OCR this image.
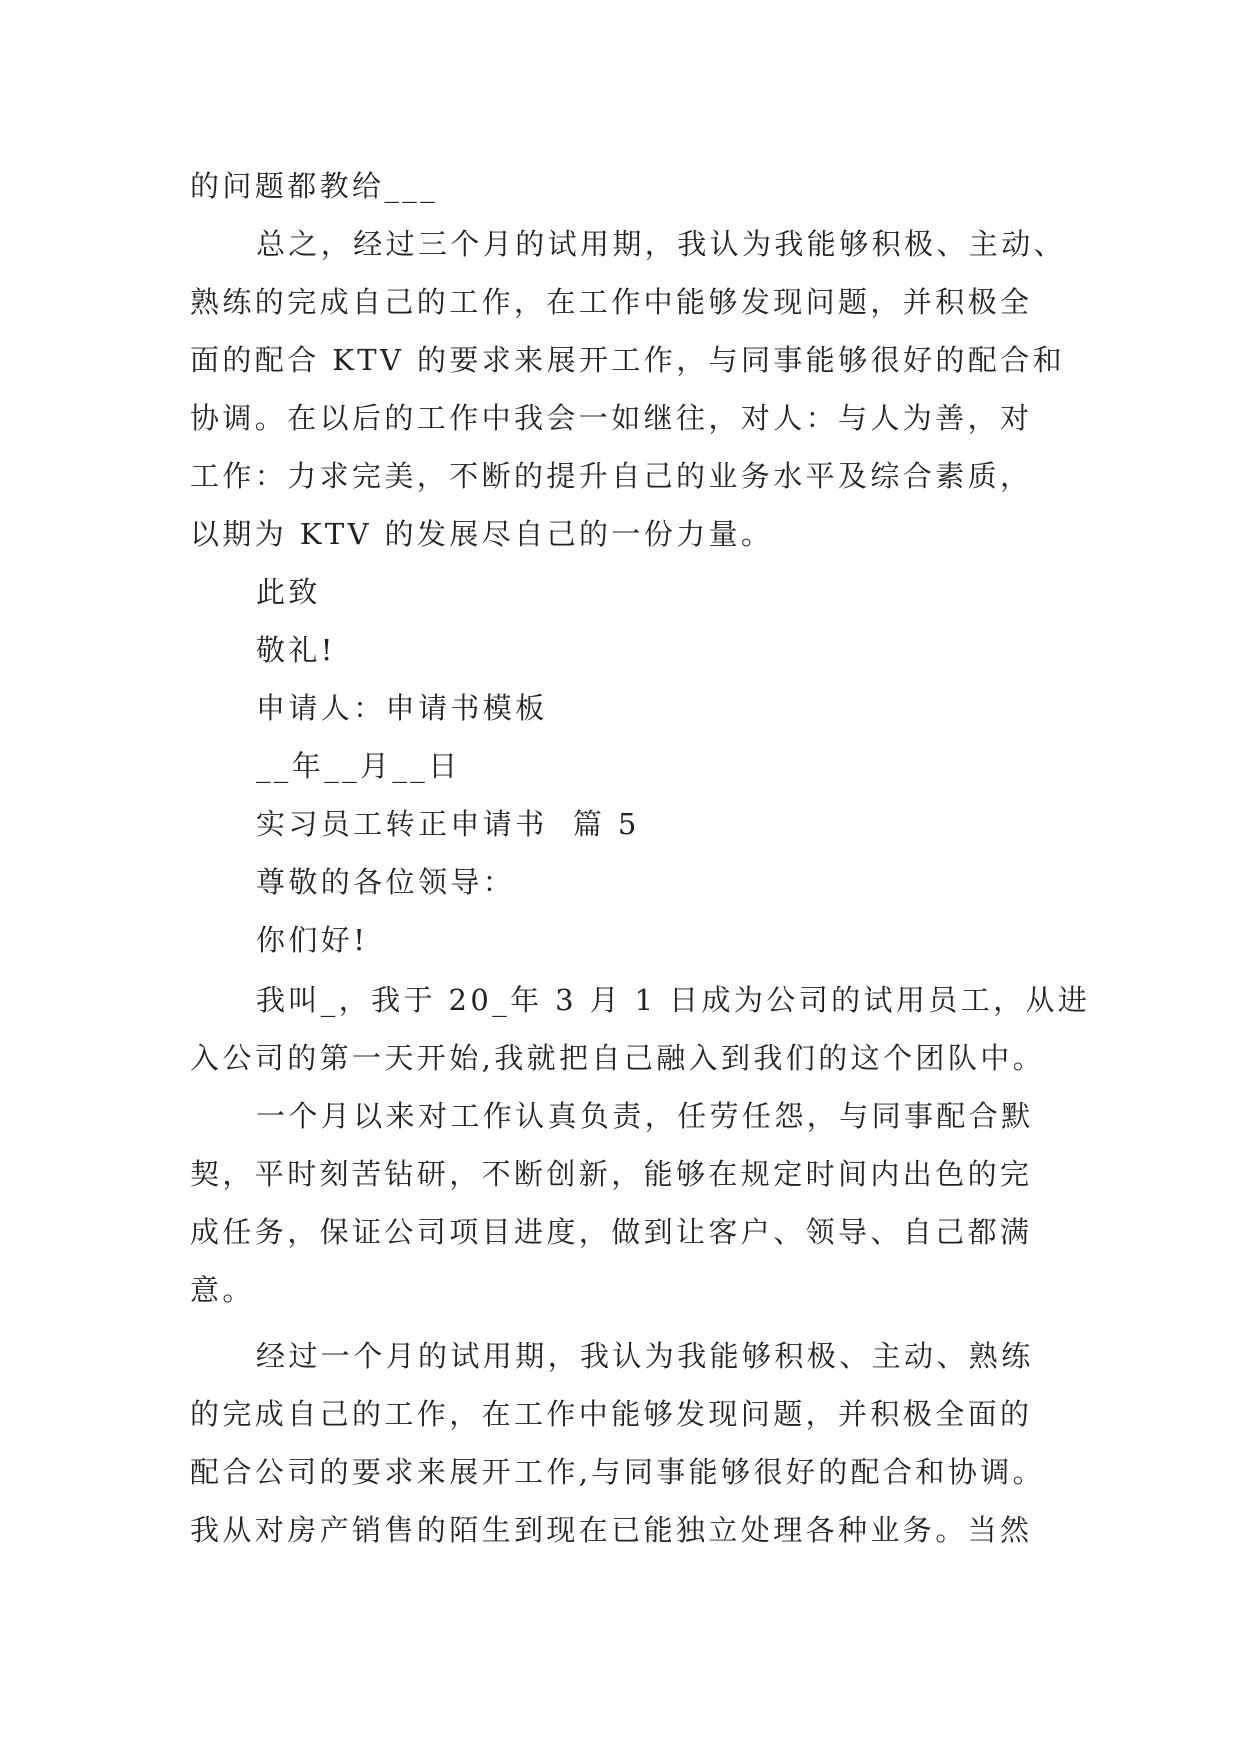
的问题都教给___

总之，经过三个月的试用期，我认为我能够积极、主动、

熟练的完成自己的工作，在工作中能够发现问题，并积极全

面的配合 KTV 的要求来展开工作，与同事能够很好的配合和

协调。在以后的工作中我会一如继往，对人：与人为善，对

工作：力求完美，不断的提升自己的业务水平及综合素质，

以期为 KTV 的发展尽自己的一份力量。

此致

敬礼!

申请人：申请书模板

__年__月__日

实习员工转正申请书  篇 5

尊敬的各位领导：

你们好!

我叫_，我于 20_年 3 月 1 日成为公司的试用员工，从进

入公司的第一天开始,我就把自己融入到我们的这个团队中。

一个月以来对工作认真负责，任劳任怨，与同事配合默

契，平时刻苦钻研，不断创新，能够在规定时间内出色的完

成任务，保证公司项目进度，做到让客户、领导、自己都满

意。

经过一个月的试用期，我认为我能够积极、主动、熟练

的完成自己的工作，在工作中能够发现问题，并积极全面的

配合公司的要求来展开工作,与同事能够很好的配合和协调。

我从对房产销售的陌生到现在已能独立处理各种业务。当然
